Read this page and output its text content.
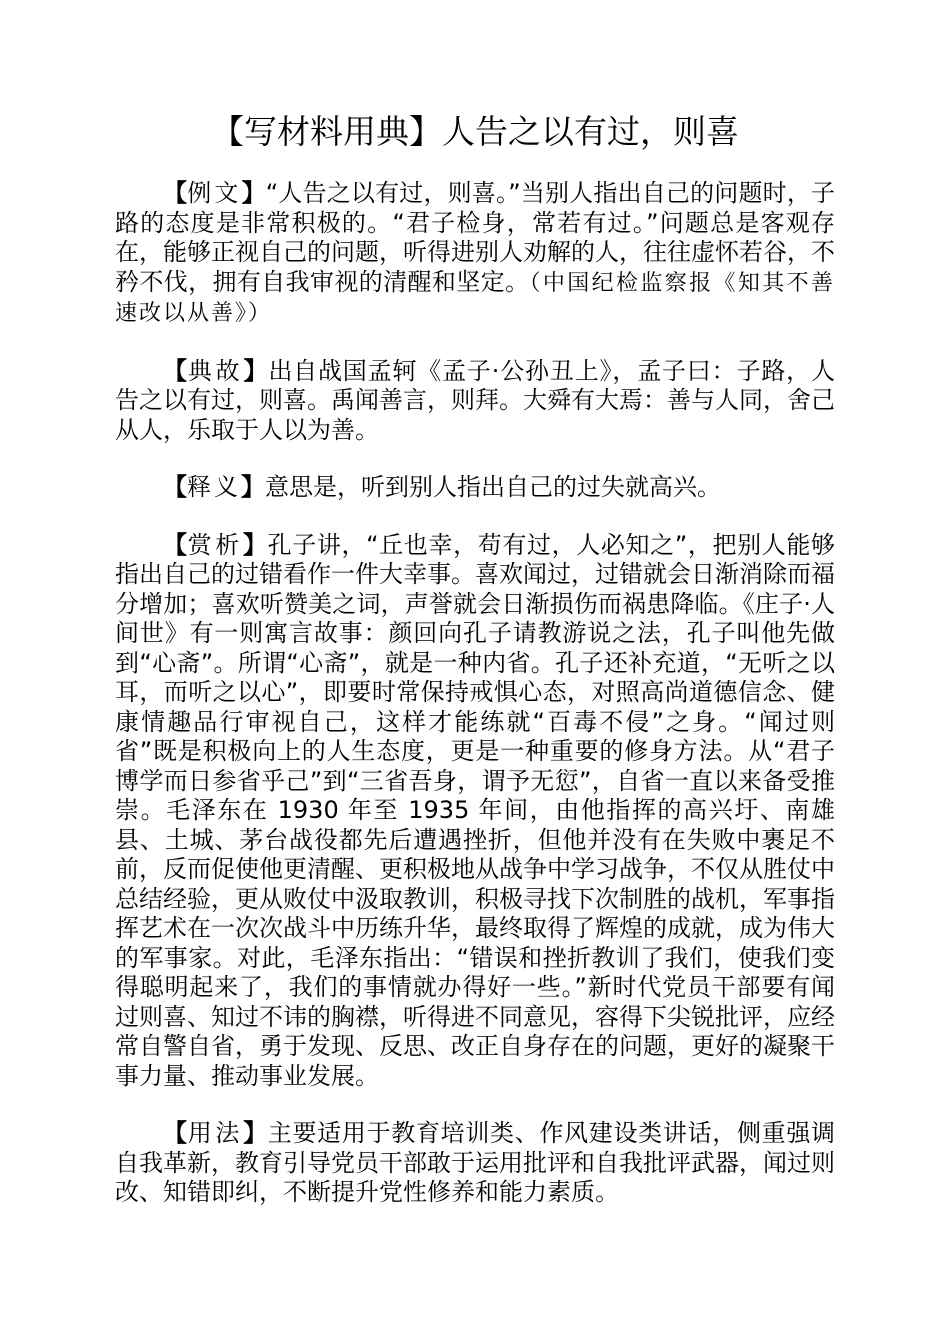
【写材料用典】人告之以有过，则喜

【例文】“人告之以有过，则喜。”当别人指出自己的问题时，子路的态度是非常积极的。“君子检身，常若有过。”问题总是客观存在，能够正视自己的问题，听得进别人劝解的人，往往虚怀若谷，不矜不伐，拥有自我审视的清醒和坚定。（中国纪检监察报《知其不善 速改以从善》）

【典故】出自战国孟轲《孟子·公孙丑上》，孟子曰：子路，人告之以有过，则喜。禹闻善言，则拜。大舜有大焉：善与人同，舍己从人，乐取于人以为善。

【释义】意思是，听到别人指出自己的过失就高兴。

【赏析】孔子讲，“丘也幸，苟有过，人必知之”，把别人能够指出自己的过错看作一件大幸事。喜欢闻过，过错就会日渐消除而福分增加；喜欢听赞美之词，声誉就会日渐损伤而祸患降临。《庄子·人间世》有一则寓言故事：颜回向孔子请教游说之法，孔子叫他先做到“心斋”。所谓“心斋”，就是一种内省。孔子还补充道，“无听之以耳，而听之以心”，即要时常保持戒惧心态，对照高尚道德信念、健康情趣品行审视自己，这样才能练就“百毒不侵”之身。“闻过则省”既是积极向上的人生态度，更是一种重要的修身方法。从“君子博学而日参省乎己”到“三省吾身，谓予无愆”，自省一直以来备受推崇。毛泽东在 1930 年至 1935 年间，由他指挥的高兴圩、南雄县、土城、茅台战役都先后遭遇挫折，但他并没有在失败中裹足不前，反而促使他更清醒、更积极地从战争中学习战争，不仅从胜仗中总结经验，更从败仗中汲取教训，积极寻找下次制胜的战机，军事指挥艺术在一次次战斗中历练升华，最终取得了辉煌的成就，成为伟大的军事家。对此，毛泽东指出：“错误和挫折教训了我们，使我们变得聪明起来了，我们的事情就办得好一些。”新时代党员干部要有闻过则喜、知过不讳的胸襟，听得进不同意见，容得下尖锐批评，应经常自警自省，勇于发现、反思、改正自身存在的问题，更好的凝聚干事力量、推动事业发展。

【用法】主要适用于教育培训类、作风建设类讲话，侧重强调自我革新，教育引导党员干部敢于运用批评和自我批评武器，闻过则改、知错即纠，不断提升党性修养和能力素质。
